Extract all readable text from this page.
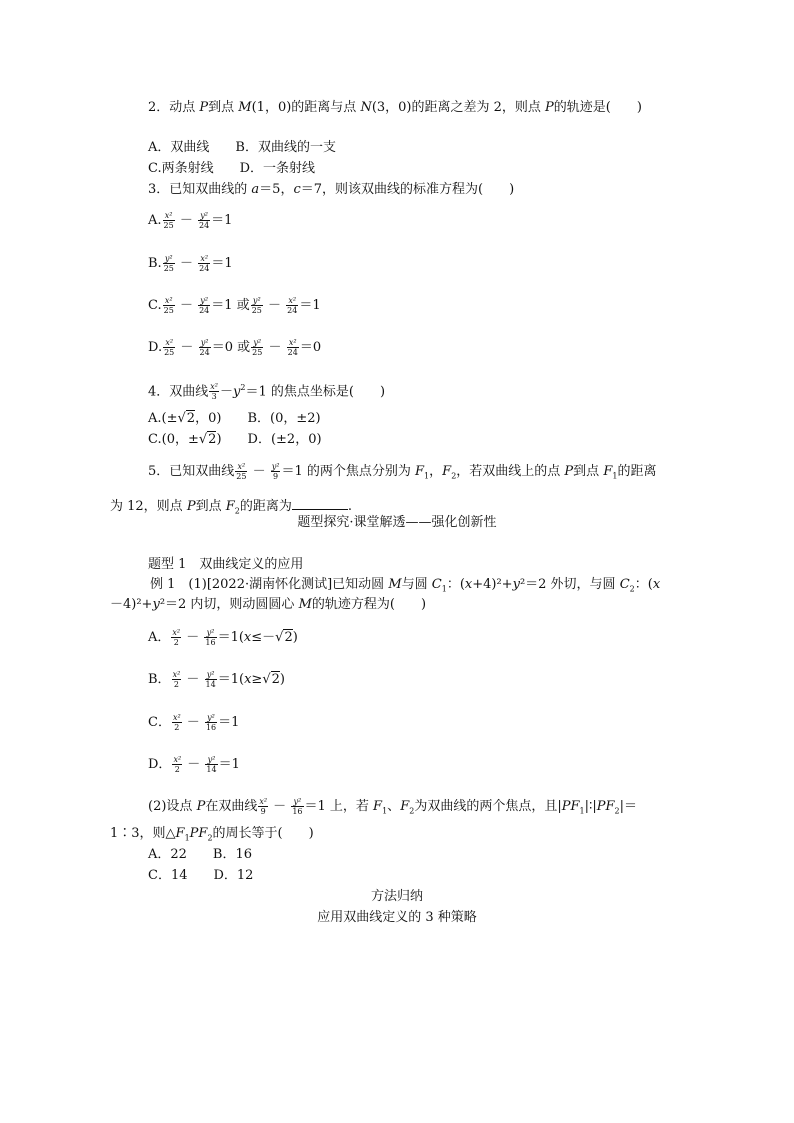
2．动点 P到点 M(1，0)的距离与点 N(3，0)的距离之差为 2，则点 P的轨迹是(　　)
A．双曲线　　B．双曲线的一支
C.两条射线　　D．一条射线
3．已知双曲线的 a＝5，c＝7，则该双曲线的标准方程为(　　)
A. $\frac{\text{x²}}{25} - \frac{\text{y²}}{24} =1$
B. $\frac{\text{y²}}{25} - \frac{\text{x²}}{24} =1$
C. $\frac{\text{x²}}{25} - \frac{\text{y²}}{24} =1$ 或 $\frac{\text{y²}}{25} - \frac{\text{x²}}{24} =1$
D. $\frac{\text{x²}}{25} - \frac{\text{y²}}{24} =0$ 或 $\frac{\text{y²}}{25} - \frac{\text{x²}}{24} =0$
4．双曲线 $\frac{\text{x²}}{3} -y^2=1$ 的焦点坐标是(　　)
A.(±√2，0)　　 B．(0，±2)
C.(0，±√2)　　 D．(±2，0)
5．已知双曲线 $\frac{\text{x²}}{25} - \frac{\text{y²}}{9} =1$ 的两个焦点分别为 $F_1$，$F_2$，若双曲线上的点 P到点 $F_1$的距离
为 12，则点 P到点 $F_2$的距离为	.
题型探究·课堂解透——强化创新性
题型 1　双曲线定义的应用
例 1　(1)[2022·湖南怀化测试]已知动圆 M与圆 $C_1$：(x+4)²+y²＝2 外切，与圆 $C_2$：(x
－4)²+y²＝2 内切，则动圆圆心 M的轨迹方程为(　　)
A． $\frac{\text{x²}}{2} - \frac{\text{y²}}{16} =1(x\le-√2)$
B． $\frac{\text{x²}}{2} - \frac{\text{y²}}{14} =1(x\ge√2)$
C． $\frac{\text{x²}}{2} - \frac{\text{y²}}{16} =1$
D． $\frac{\text{x²}}{2} - \frac{\text{y²}}{14} =1$
(2)设点 P在双曲线 $\frac{\text{x²}}{9} - \frac{\text{y²}}{16} =1$ 上，若 $F_1$、$F_2$为双曲线的两个焦点，且$|PF_1|∶|PF_2|=$
1∶3，则$\triangle F_1PF_2$的周长等于(　　)
A．22　　B．16
C．14　　D．12
方法归纳
应用双曲线定义的 3 种策略
